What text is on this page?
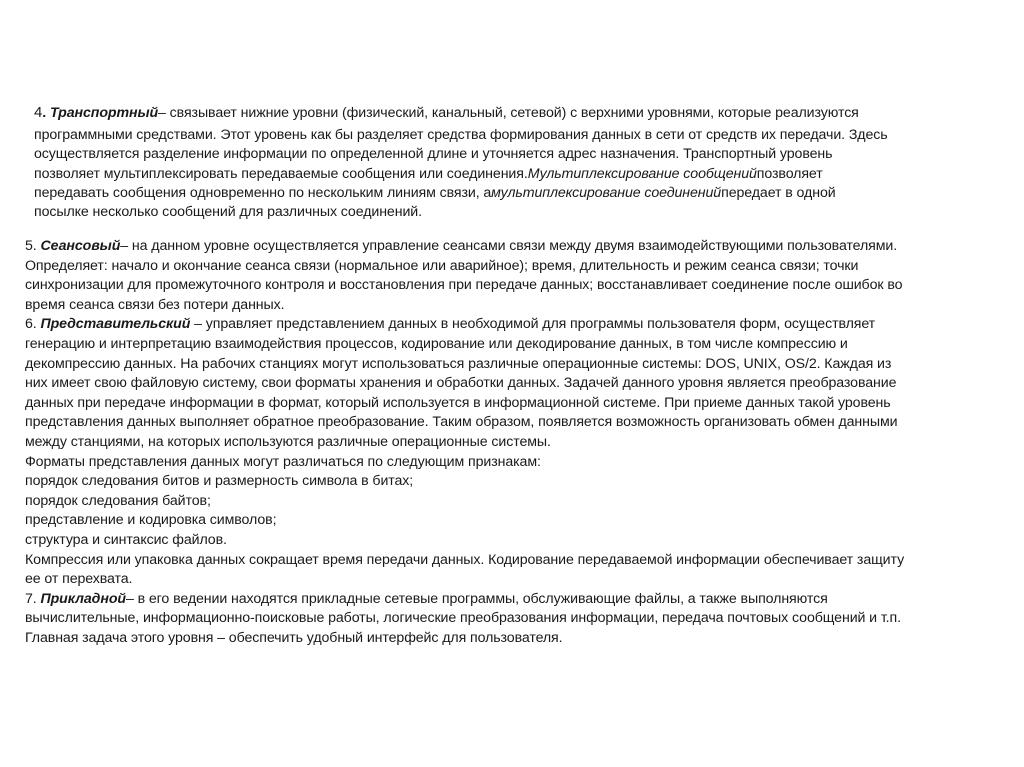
4. Транспортный– связывает нижние уровни (физический, канальный, сетевой) с верхними уровнями, которые реализуются
программными средствами. Этот уровень как бы разделяет средства формирования данных в сети от средств их передачи. Здесь
осуществляется разделение информации по определенной длине и уточняется адрес назначения. Транспортный уровень
позволяет мультиплексировать передаваемые сообщения или соединения.Мультиплексирование сообщенийпозволяет
передавать сообщения одновременно по нескольким линиям связи, амультиплексирование соединенийпередает в одной
посылке несколько сообщений для различных соединений.
5. Сеансовый– на данном уровне осуществляется управление сеансами связи между двумя взаимодействующими пользователями.
Определяет: начало и окончание сеанса связи (нормальное или аварийное); время, длительность и режим сеанса связи; точки
синхронизации для промежуточного контроля и восстановления при передаче данных; восстанавливает соединение после ошибок во
время сеанса связи без потери данных.
6. Представительский – управляет представлением данных в необходимой для программы пользователя форм, осуществляет
генерацию и интерпретацию взаимодействия процессов, кодирование или декодирование данных, в том числе компрессию и
декомпрессию данных. На рабочих станциях могут использоваться различные операционные системы: DOS, UNIX, OS/2. Каждая из
них имеет свою файловую систему, свои форматы хранения и обработки данных. Задачей данного уровня является преобразование
данных при передаче информации в формат, который используется в информационной системе. При приеме данных такой уровень
представления данных выполняет обратное преобразование. Таким образом, появляется возможность организовать обмен данными
между станциями, на которых используются различные операционные системы.
Форматы представления данных могут различаться по следующим признакам:
порядок следования битов и размерность символа в битах;
порядок следования байтов;
представление и кодировка символов;
структура и синтаксис файлов.
Компрессия или упаковка данных сокращает время передачи данных. Кодирование передаваемой информации обеспечивает защиту
ее от перехвата.
7. Прикладной– в его ведении находятся прикладные сетевые программы, обслуживающие файлы, а также выполняются
вычислительные, информационно-поисковые работы, логические преобразования информации, передача почтовых сообщений и т.п.
Главная задача этого уровня – обеспечить удобный интерфейс для пользователя.
